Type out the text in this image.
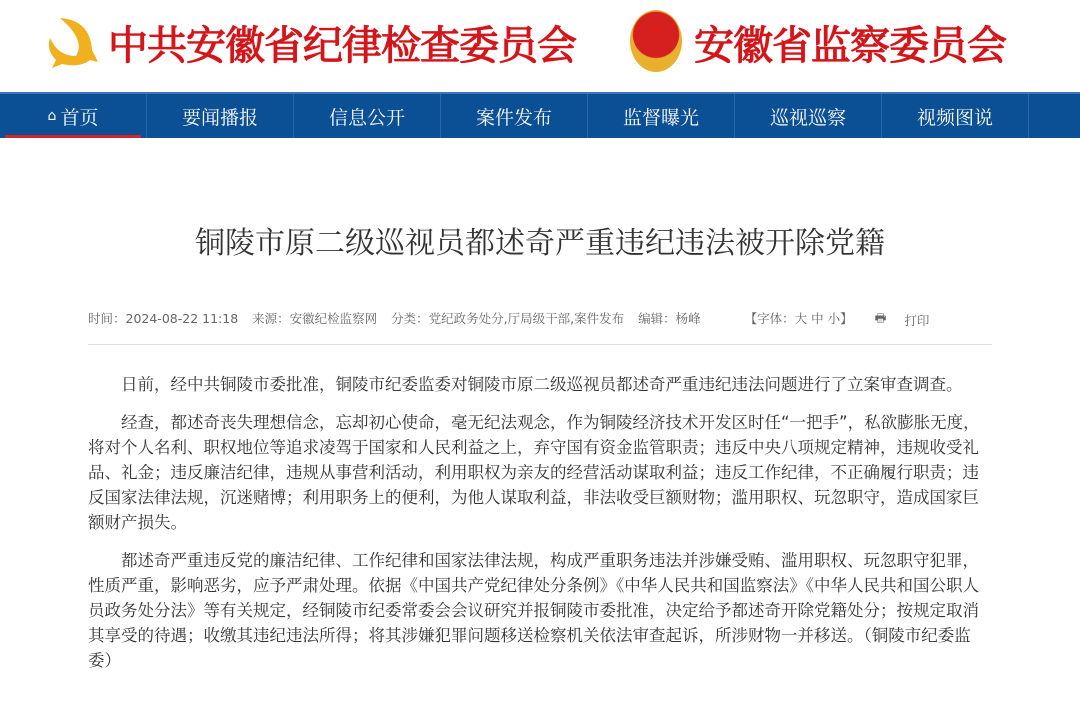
中共安徽省纪律检查委员会	安徽省监察委员会
⌂ 首页	要闻播报	信息公开	案件发布	监督曝光	巡视巡察	视频图说
铜陵市原二级巡视员都述奇严重违纪违法被开除党籍
时间：2024-08-22 11:18 来源：安徽纪检监察网 分类：党纪政务处分,厅局级干部,案件发布 编辑：杨峰	【字体：大 中 小】 🖶 打印

日前，经中共铜陵市委批准，铜陵市纪委监委对铜陵市原二级巡视员都述奇严重违纪违法问题进行了立案审查调查。

经查，都述奇丧失理想信念，忘却初心使命，毫无纪法观念，作为铜陵经济技术开发区时任“一把手”，私欲膨胀无度，将对个人名利、职权地位等追求凌驾于国家和人民利益之上，弃守国有资金监管职责；违反中央八项规定精神，违规收受礼品、礼金；违反廉洁纪律，违规从事营利活动，利用职权为亲友的经营活动谋取利益；违反工作纪律，不正确履行职责；违反国家法律法规，沉迷赌博；利用职务上的便利，为他人谋取利益，非法收受巨额财物；滥用职权、玩忽职守，造成国家巨额财产损失。

都述奇严重违反党的廉洁纪律、工作纪律和国家法律法规，构成严重职务违法并涉嫌受贿、滥用职权、玩忽职守犯罪，性质严重，影响恶劣，应予严肃处理。依据《中国共产党纪律处分条例》《中华人民共和国监察法》《中华人民共和国公职人员政务处分法》等有关规定，经铜陵市纪委常委会会议研究并报铜陵市委批准，决定给予都述奇开除党籍处分；按规定取消其享受的待遇；收缴其违纪违法所得；将其涉嫌犯罪问题移送检察机关依法审查起诉，所涉财物一并移送。（铜陵市纪委监委）
